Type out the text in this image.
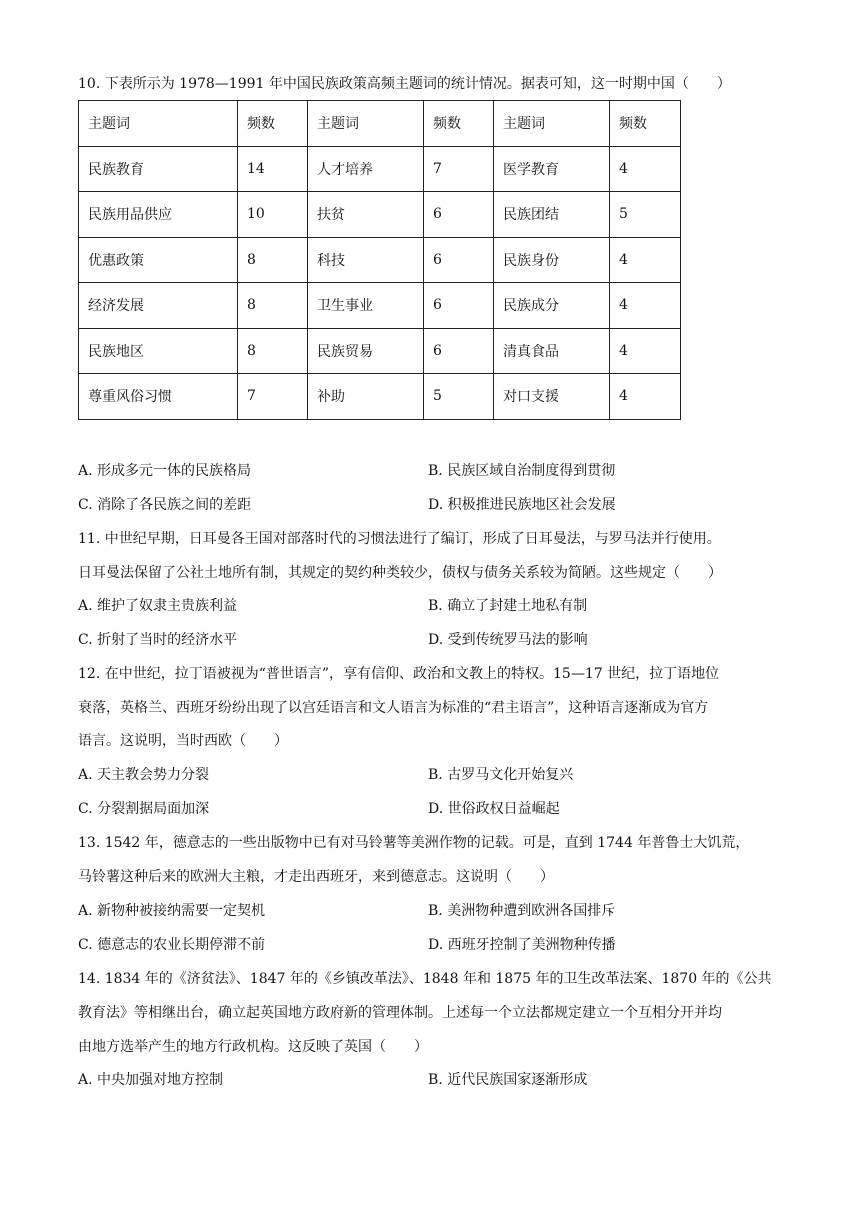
10. 下表所示为 1978—1991 年中国民族政策高频主题词的统计情况。据表可知，这一时期中国（　　）
主题词	频数	主题词	频数	主题词	频数
民族教育	14	人才培养	7	医学教育	4
民族用品供应	10	扶贫	6	民族团结	5
优惠政策	8	科技	6	民族身份	4
经济发展	8	卫生事业	6	民族成分	4
民族地区	8	民族贸易	6	清真食品	4
尊重风俗习惯	7	补助	5	对口支援	4
A. 形成多元一体的民族格局	B. 民族区域自治制度得到贯彻
C. 消除了各民族之间的差距	D. 积极推进民族地区社会发展
11. 中世纪早期，日耳曼各王国对部落时代的习惯法进行了编订，形成了日耳曼法，与罗马法并行使用。
日耳曼法保留了公社土地所有制，其规定的契约种类较少，债权与债务关系较为简陋。这些规定（　　）
A. 维护了奴隶主贵族利益	B. 确立了封建土地私有制
C. 折射了当时的经济水平	D. 受到传统罗马法的影响
12. 在中世纪，拉丁语被视为“普世语言”，享有信仰、政治和文教上的特权。15—17 世纪，拉丁语地位
衰落，英格兰、西班牙纷纷出现了以宫廷语言和文人语言为标准的“君主语言”，这种语言逐渐成为官方
语言。这说明，当时西欧（　　）
A. 天主教会势力分裂	B. 古罗马文化开始复兴
C. 分裂割据局面加深	D. 世俗政权日益崛起
13. 1542 年，德意志的一些出版物中已有对马铃薯等美洲作物的记载。可是，直到 1744 年普鲁士大饥荒，
马铃薯这种后来的欧洲大主粮，才走出西班牙，来到德意志。这说明（　　）
A. 新物种被接纳需要一定契机	B. 美洲物种遭到欧洲各国排斥
C. 德意志的农业长期停滞不前	D. 西班牙控制了美洲物种传播
14. 1834 年的《济贫法》、1847 年的《乡镇改革法》、1848 年和 1875 年的卫生改革法案、1870 年的《公共
教育法》等相继出台，确立起英国地方政府新的管理体制。上述每一个立法都规定建立一个互相分开并均
由地方选举产生的地方行政机构。这反映了英国（　　）
A. 中央加强对地方控制	B. 近代民族国家逐渐形成
